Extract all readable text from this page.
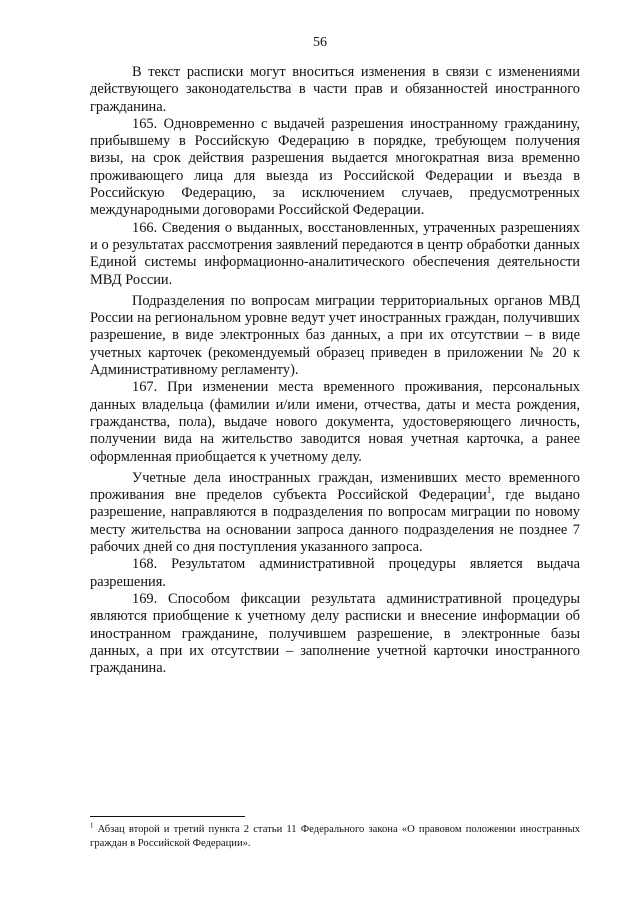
56

В текст расписки могут вноситься изменения в связи с изменениями действующего законодательства в части прав и обязанностей иностранного гражданина.

165. Одновременно с выдачей разрешения иностранному гражданину, прибывшему в Российскую Федерацию в порядке, требующем получения визы, на срок действия разрешения выдается многократная виза временно проживающего лица для выезда из Российской Федерации и въезда в Российскую Федерацию, за исключением случаев, предусмотренных международными договорами Российской Федерации.

166. Сведения о выданных, восстановленных, утраченных разрешениях и о результатах рассмотрения заявлений передаются в центр обработки данных Единой системы информационно-аналитического обеспечения деятельности МВД России.

Подразделения по вопросам миграции территориальных органов МВД России на региональном уровне ведут учет иностранных граждан, получивших разрешение, в виде электронных баз данных, а при их отсутствии – в виде учетных карточек (рекомендуемый образец приведен в приложении № 20 к Административному регламенту).

167. При изменении места временного проживания, персональных данных владельца (фамилии и/или имени, отчества, даты и места рождения, гражданства, пола), выдаче нового документа, удостоверяющего личность, получении вида на жительство заводится новая учетная карточка, а ранее оформленная приобщается к учетному делу.

Учетные дела иностранных граждан, изменивших место временного проживания вне пределов субъекта Российской Федерации$^1$, где выдано разрешение, направляются в подразделения по вопросам миграции по новому месту жительства на основании запроса данного подразделения не позднее 7 рабочих дней со дня поступления указанного запроса.

168. Результатом административной процедуры является выдача разрешения.

169. Способом фиксации результата административной процедуры являются приобщение к учетному делу расписки и внесение информации об иностранном гражданине, получившем разрешение, в электронные базы данных, а при их отсутствии – заполнение учетной карточки иностранного гражданина.

$^1$ Абзац второй и третий пункта 2 статьи 11 Федерального закона «О правовом положении иностранных граждан в Российской Федерации».
